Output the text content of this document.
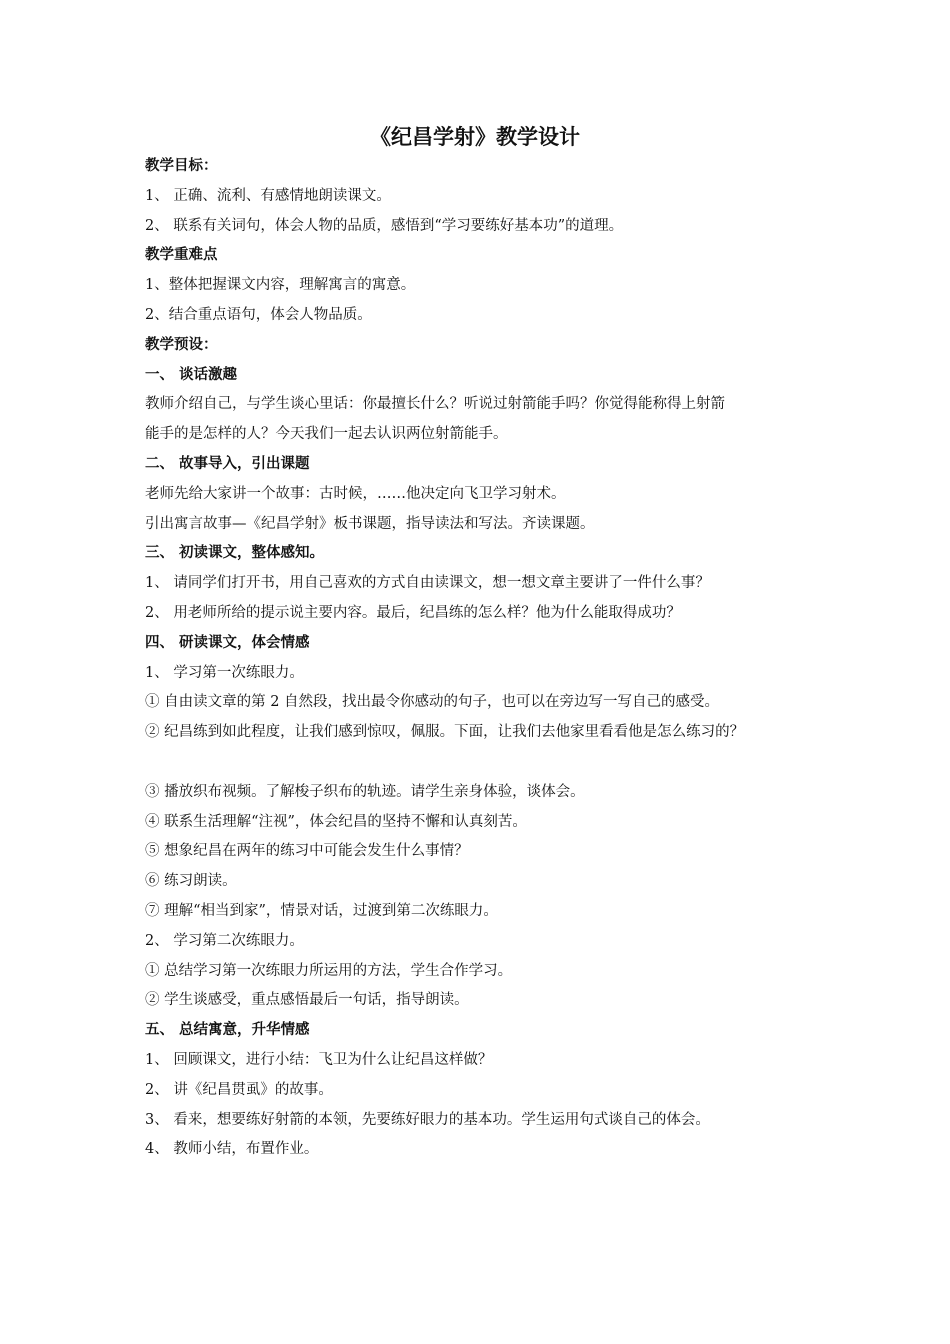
《纪昌学射》教学设计
教学目标：
1、 正确、流利、有感情地朗读课文。
2、 联系有关词句，体会人物的品质，感悟到“学习要练好基本功”的道理。
教学重难点
1、整体把握课文内容，理解寓言的寓意。
2、结合重点语句，体会人物品质。
教学预设：
一、 谈话激趣
教师介绍自己，与学生谈心里话：你最擅长什么？听说过射箭能手吗？你觉得能称得上射箭
能手的是怎样的人？今天我们一起去认识两位射箭能手。
二、 故事导入，引出课题
老师先给大家讲一个故事：古时候，……他决定向飞卫学习射术。
引出寓言故事—《纪昌学射》板书课题，指导读法和写法。齐读课题。
三、 初读课文，整体感知。
1、 请同学们打开书，用自己喜欢的方式自由读课文，想一想文章主要讲了一件什么事？
2、 用老师所给的提示说主要内容。最后，纪昌练的怎么样？他为什么能取得成功？
四、 研读课文，体会情感
1、 学习第一次练眼力。
① 自由读文章的第 2 自然段，找出最令你感动的句子，也可以在旁边写一写自己的感受。
② 纪昌练到如此程度，让我们感到惊叹，佩服。下面，让我们去他家里看看他是怎么练习的？
③ 播放织布视频。了解梭子织布的轨迹。请学生亲身体验，谈体会。
④ 联系生活理解“注视”，体会纪昌的坚持不懈和认真刻苦。
⑤ 想象纪昌在两年的练习中可能会发生什么事情？
⑥ 练习朗读。
⑦ 理解“相当到家”，情景对话，过渡到第二次练眼力。
2、 学习第二次练眼力。
① 总结学习第一次练眼力所运用的方法，学生合作学习。
② 学生谈感受，重点感悟最后一句话，指导朗读。
五、 总结寓意，升华情感
1、 回顾课文，进行小结：飞卫为什么让纪昌这样做？
2、 讲《纪昌贯虱》的故事。
3、 看来，想要练好射箭的本领，先要练好眼力的基本功。学生运用句式谈自己的体会。
4、 教师小结，布置作业。
